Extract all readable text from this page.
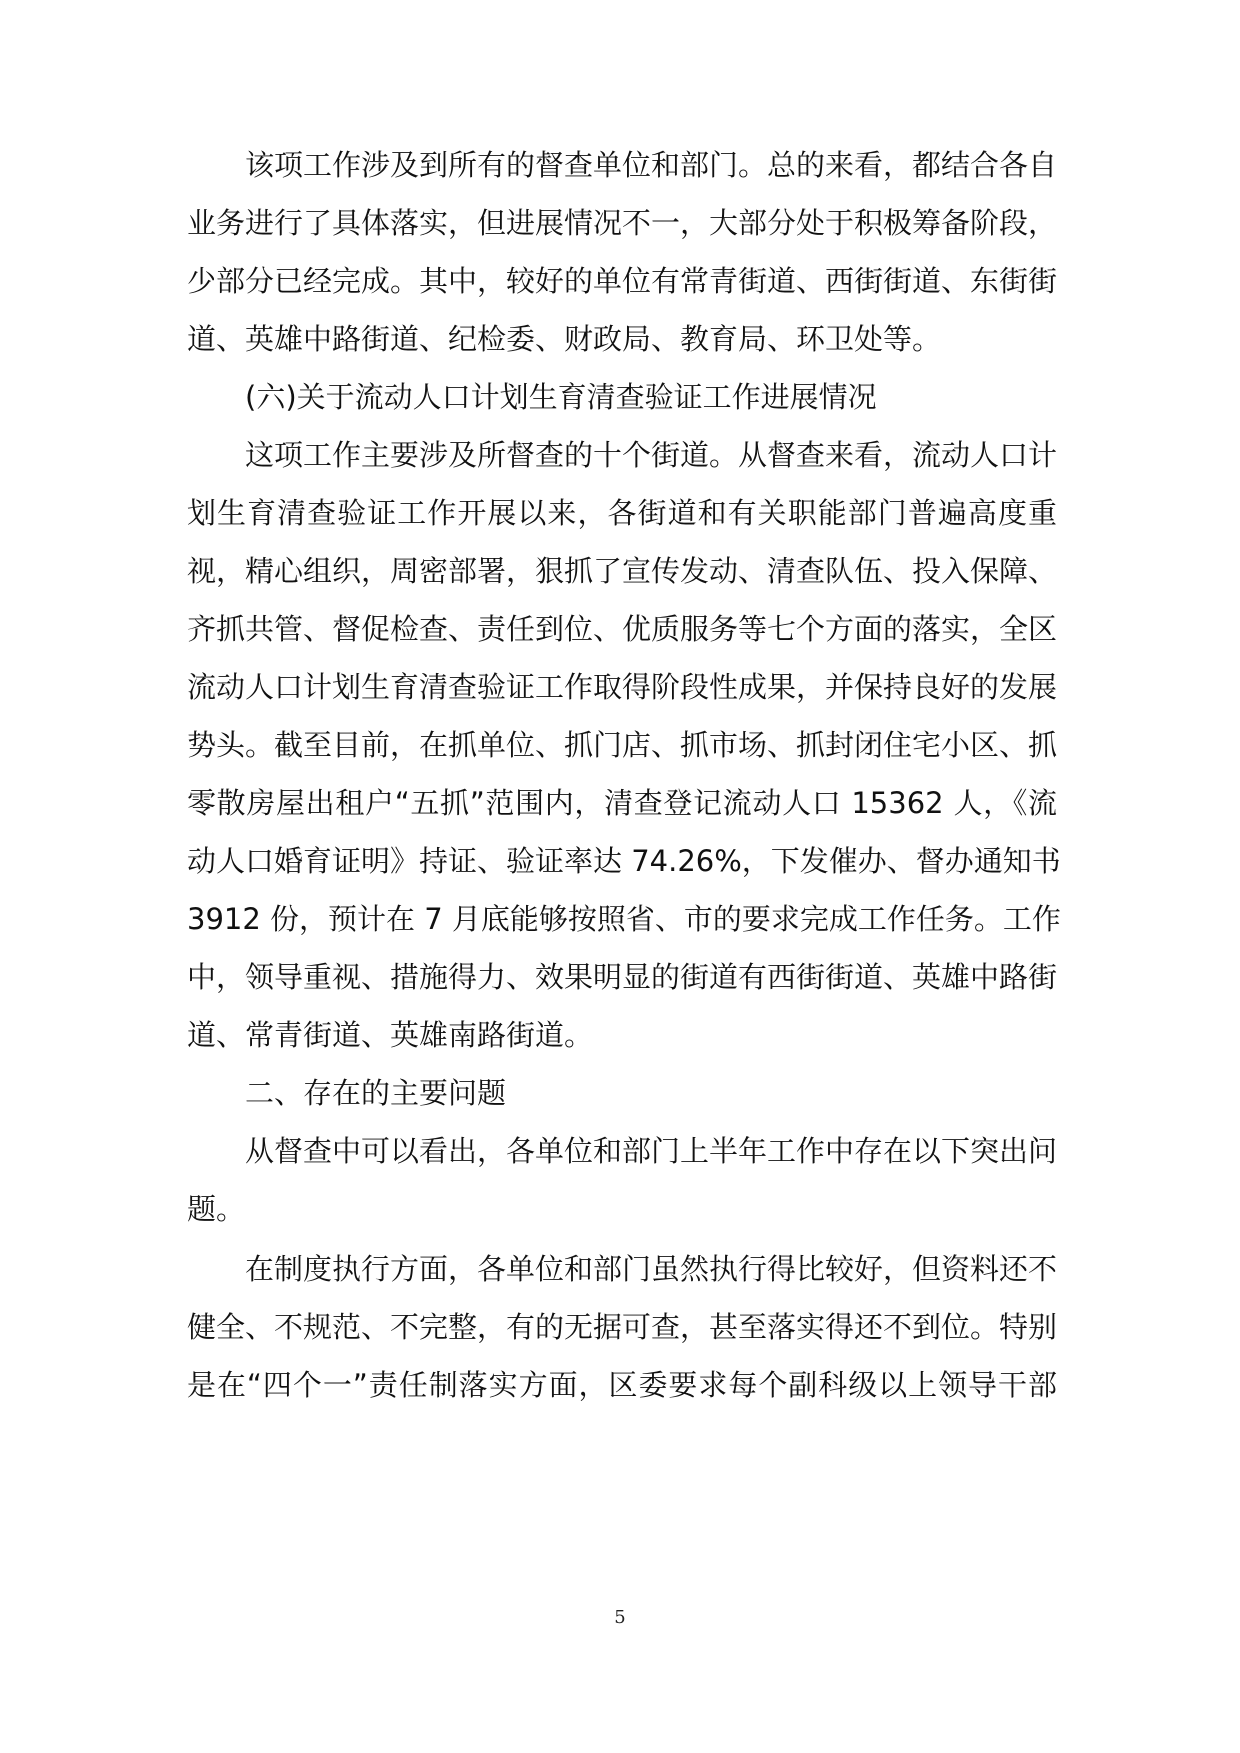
该项工作涉及到所有的督查单位和部门。总的来看，都结合各自
业务进行了具体落实，但进展情况不一，大部分处于积极筹备阶段，
少部分已经完成。其中，较好的单位有常青街道、西街街道、东街街
道、英雄中路街道、纪检委、财政局、教育局、环卫处等。
(六)关于流动人口计划生育清查验证工作进展情况
这项工作主要涉及所督查的十个街道。从督查来看，流动人口计
划生育清查验证工作开展以来，各街道和有关职能部门普遍高度重
视，精心组织，周密部署，狠抓了宣传发动、清查队伍、投入保障、
齐抓共管、督促检查、责任到位、优质服务等七个方面的落实，全区
流动人口计划生育清查验证工作取得阶段性成果，并保持良好的发展
势头。截至目前，在抓单位、抓门店、抓市场、抓封闭住宅小区、抓
零散房屋出租户“五抓”范围内，清查登记流动人口 15362 人，《流
动人口婚育证明》持证、验证率达 74.26%，下发催办、督办通知书
3912 份，预计在 7 月底能够按照省、市的要求完成工作任务。工作
中，领导重视、措施得力、效果明显的街道有西街街道、英雄中路街
道、常青街道、英雄南路街道。
二、存在的主要问题
从督查中可以看出，各单位和部门上半年工作中存在以下突出问
题。
在制度执行方面，各单位和部门虽然执行得比较好，但资料还不
健全、不规范、不完整，有的无据可查，甚至落实得还不到位。特别
是在“四个一”责任制落实方面，区委要求每个副科级以上领导干部
5
